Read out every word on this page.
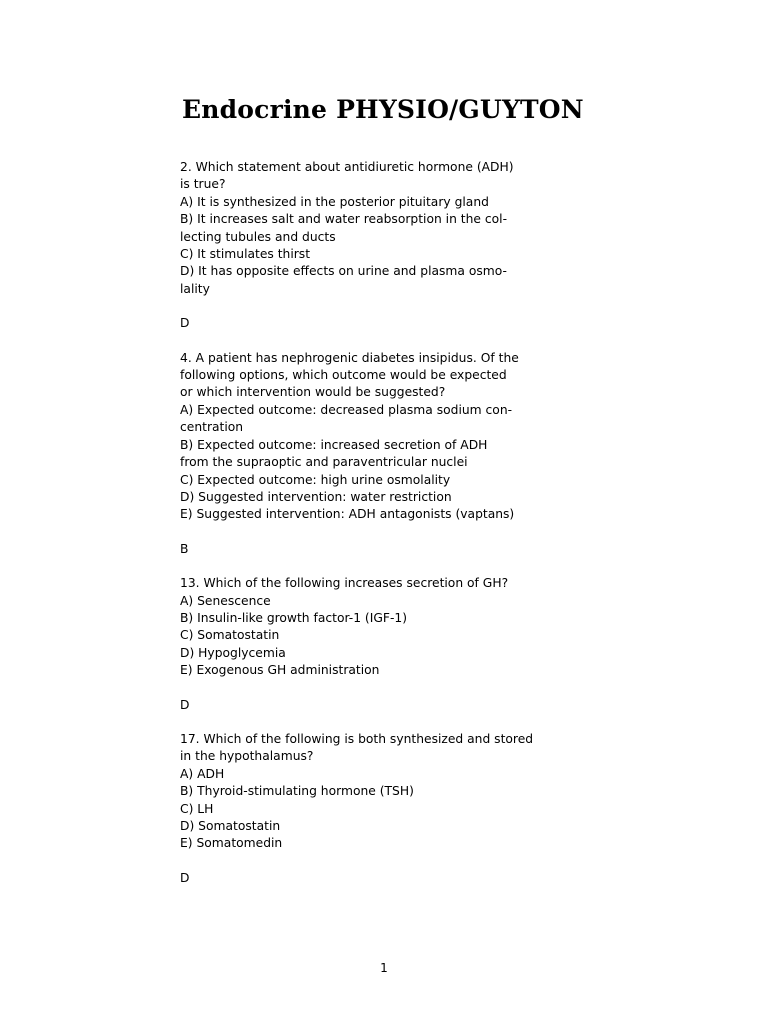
Endocrine PHYSIO/GUYTON
2. Which statement about antidiuretic hormone (ADH)
is true?
A) It is synthesized in the posterior pituitary gland
B) It increases salt and water reabsorption in the col-
lecting tubules and ducts
C) It stimulates thirst
D) It has opposite effects on urine and plasma osmo-
lality
D
4. A patient has nephrogenic diabetes insipidus. Of the
following options, which outcome would be expected
or which intervention would be suggested?
A) Expected outcome: decreased plasma sodium con-
centration
B) Expected outcome: increased secretion of ADH
from the supraoptic and paraventricular nuclei
C) Expected outcome: high urine osmolality
D) Suggested intervention: water restriction
E) Suggested intervention: ADH antagonists (vaptans)
B
13. Which of the following increases secretion of GH?
A) Senescence
B) Insulin-like growth factor-1 (IGF-1)
C) Somatostatin
D) Hypoglycemia
E) Exogenous GH administration
D
17. Which of the following is both synthesized and stored
in the hypothalamus?
A) ADH
B) Thyroid-stimulating hormone (TSH)
C) LH
D) Somatostatin
E) Somatomedin
D
1
